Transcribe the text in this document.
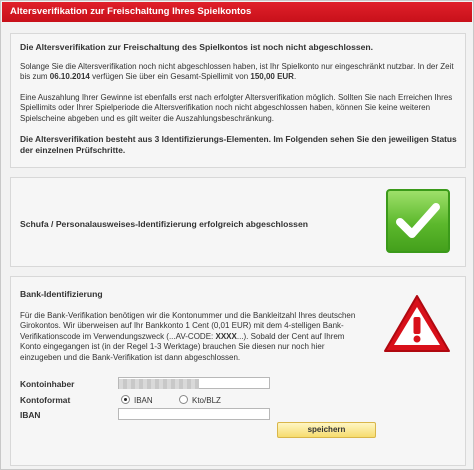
Altersverifikation zur Freischaltung Ihres Spielkontos
Die Altersverifikation zur Freischaltung des Spielkontos ist noch nicht abgeschlossen.

Solange Sie die Altersverifikation noch nicht abgeschlossen haben, ist Ihr Spielkonto nur eingeschränkt nutzbar. In der Zeit bis zum 06.10.2014 verfügen Sie über ein Gesamt-Spiellimit von 150,00 EUR.

Eine Auszahlung Ihrer Gewinne ist ebenfalls erst nach erfolgter Altersverifikation möglich. Sollten Sie nach Erreichen Ihres Spiellimits oder Ihrer Spielperiode die Altersverifikation noch nicht abgeschlossen haben, können Sie keine weiteren Spielscheine abgeben und es gilt weiter die Auszahlungsbeschränkung.

Die Altersverifikation besteht aus 3 Identifizierungs-Elementen. Im Folgenden sehen Sie den jeweiligen Status der einzelnen Prüfschritte.

Schufa / Personalausweises-Identifizierung erfolgreich abgeschlossen
Bank-Identifizierung

Für die Bank-Verifikation benötigen wir die Kontonummer und die Bankleitzahl Ihres deutschen Girokontos. Wir überweisen auf Ihr Bankkonto 1 Cent (0,01 EUR) mit dem 4-stelligen Bank-Verifikationscode im Verwendungszweck (...AV-CODE: XXXX...). Sobald der Cent auf Ihrem Konto eingegangen ist (in der Regel 1-3 Werktage) brauchen Sie diesen nur noch hier einzugeben und die Bank-Verifikation ist dann abgeschlossen.

Kontoinhaber
Kontoformat	IBAN	Kto/BLZ
IBAN
speichern
